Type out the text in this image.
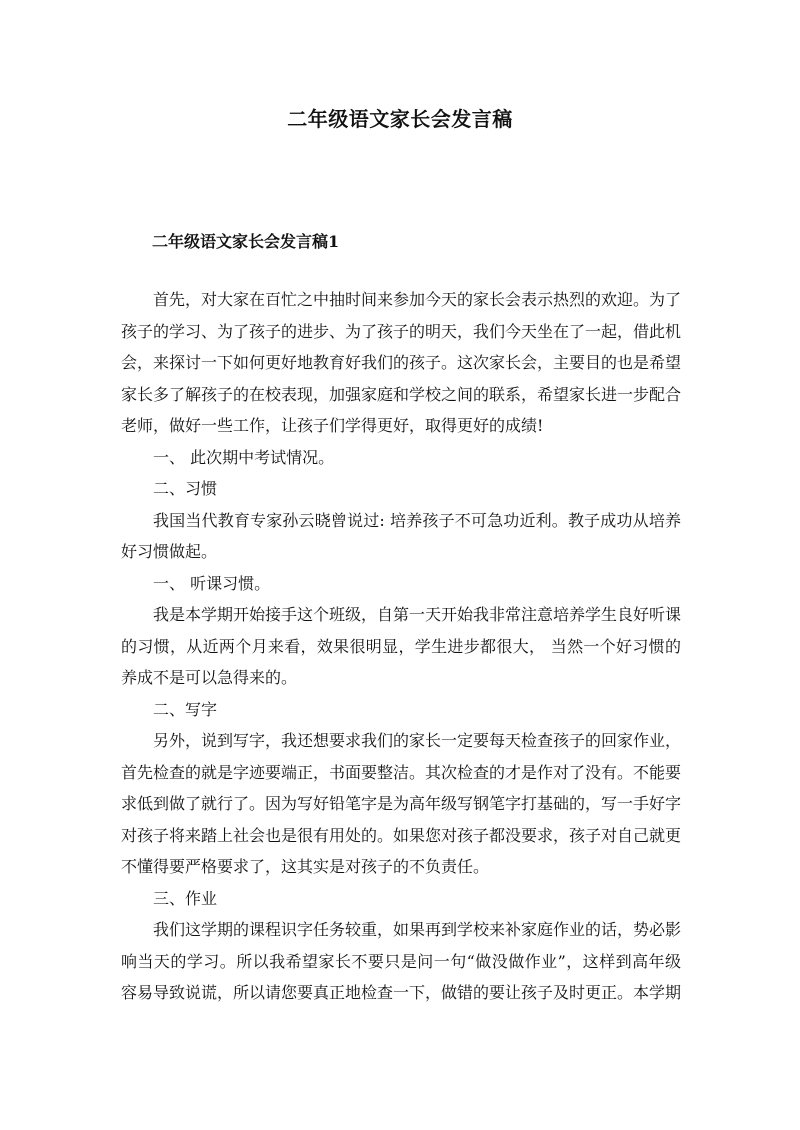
二年级语文家长会发言稿
二年级语文家长会发言稿1

首先，对大家在百忙之中抽时间来参加今天的家长会表示热烈的欢迎。为了孩子的学习、为了孩子的进步、为了孩子的明天，我们今天坐在了一起，借此机会，来探讨一下如何更好地教育好我们的孩子。这次家长会，主要目的也是希望家长多了解孩子的在校表现，加强家庭和学校之间的联系，希望家长进一步配合老师，做好一些工作，让孩子们学得更好，取得更好的成绩!

一、 此次期中考试情况。

二、习惯

我国当代教育专家孙云晓曾说过: 培养孩子不可急功近利。教子成功从培养好习惯做起。

一、 听课习惯。

我是本学期开始接手这个班级，自第一天开始我非常注意培养学生良好听课的习惯，从近两个月来看，效果很明显，学生进步都很大， 当然一个好习惯的养成不是可以急得来的。

二、写字

另外，说到写字，我还想要求我们的家长一定要每天检查孩子的回家作业，首先检查的就是字迹要端正，书面要整洁。其次检查的才是作对了没有。不能要求低到做了就行了。因为写好铅笔字是为高年级写钢笔字打基础的，写一手好字对孩子将来踏上社会也是很有用处的。如果您对孩子都没要求，孩子对自己就更不懂得要严格要求了，这其实是对孩子的不负责任。

三、作业

我们这学期的课程识字任务较重，如果再到学校来补家庭作业的话，势必影响当天的学习。所以我希望家长不要只是问一句“做没做作业”，这样到高年级容易导致说谎，所以请您要真正地检查一下，做错的要让孩子及时更正。本学期
